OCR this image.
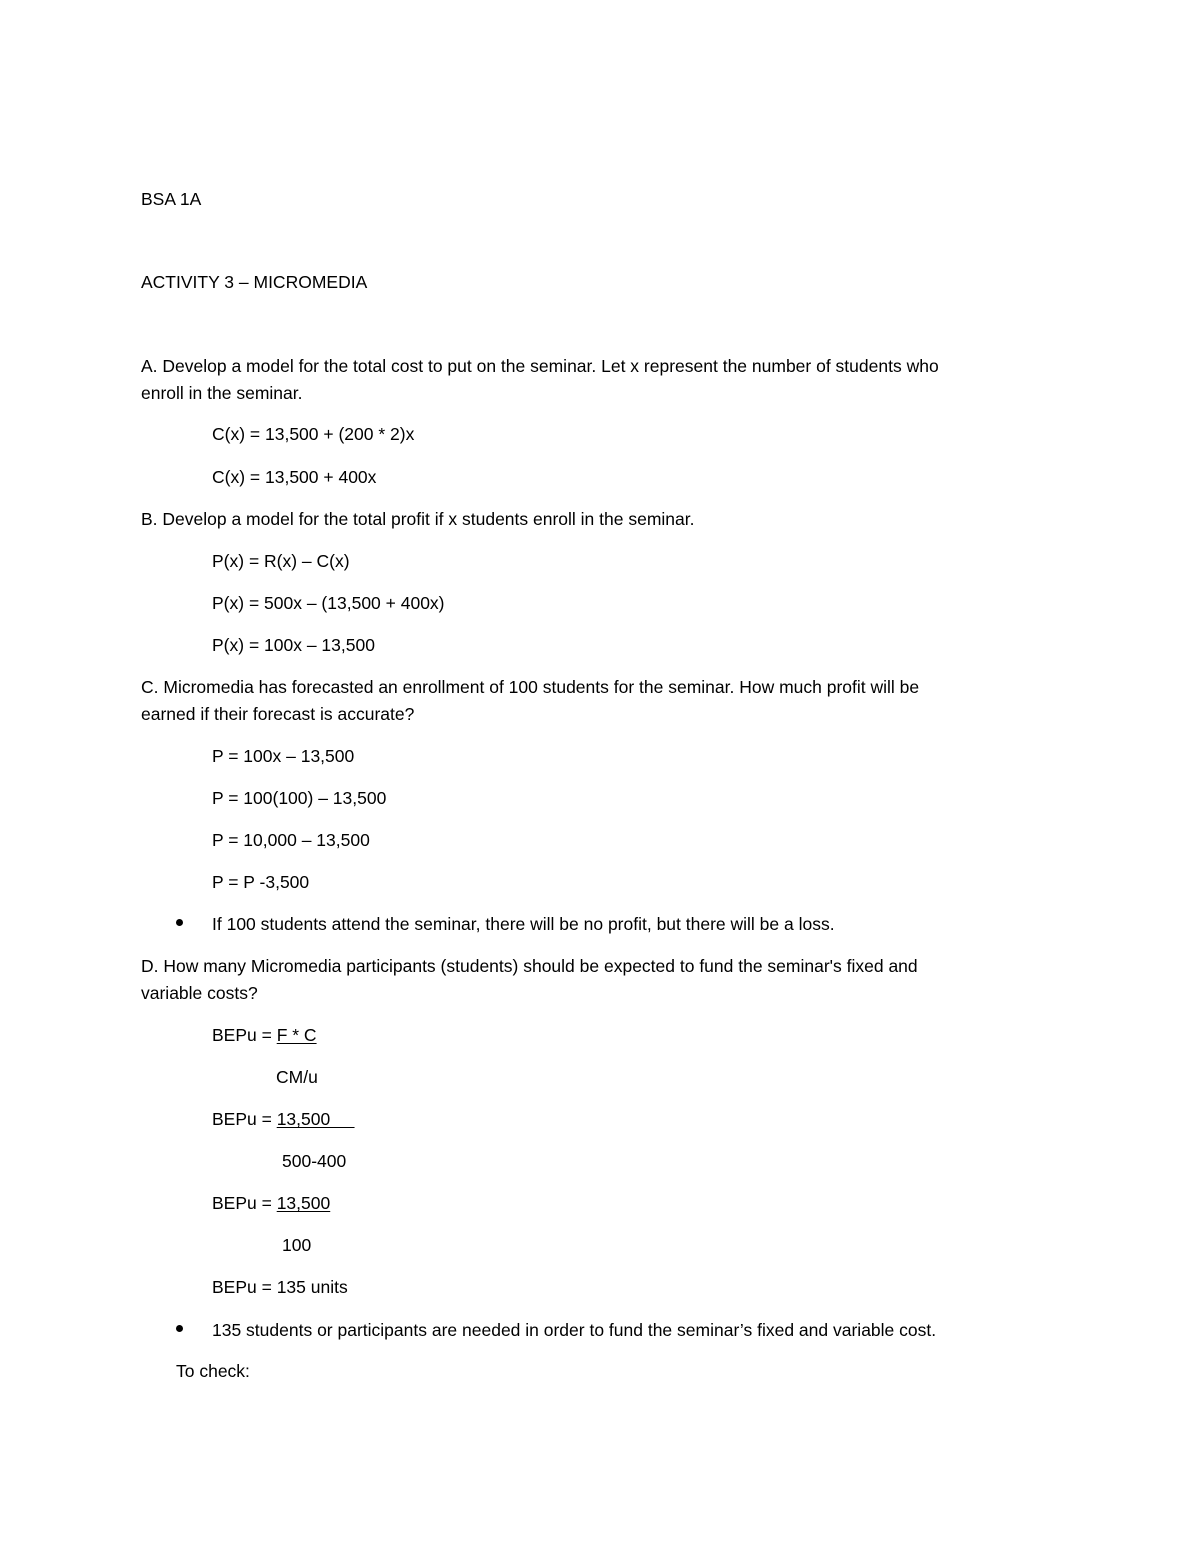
BSA 1A
ACTIVITY 3 – MICROMEDIA
A. Develop a model for the total cost to put on the seminar. Let x represent the number of students who
enroll in the seminar.
C(x) = 13,500 + (200 * 2)x
C(x) = 13,500 + 400x
B. Develop a model for the total profit if x students enroll in the seminar.
P(x) = R(x) – C(x)
P(x) = 500x – (13,500 + 400x)
P(x) = 100x – 13,500
C. Micromedia has forecasted an enrollment of 100 students for the seminar. How much profit will be
earned if their forecast is accurate?
P = 100x – 13,500
P = 100(100) – 13,500
P = 10,000 – 13,500
P = P -3,500
If 100 students attend the seminar, there will be no profit, but there will be a loss.
D. How many Micromedia participants (students) should be expected to fund the seminar's fixed and
variable costs?
BEPu = F * C
CM/u
BEPu = 13,500
500-400
BEPu = 13,500
100
BEPu = 135 units
135 students or participants are needed in order to fund the seminar’s fixed and variable cost.
To check:
